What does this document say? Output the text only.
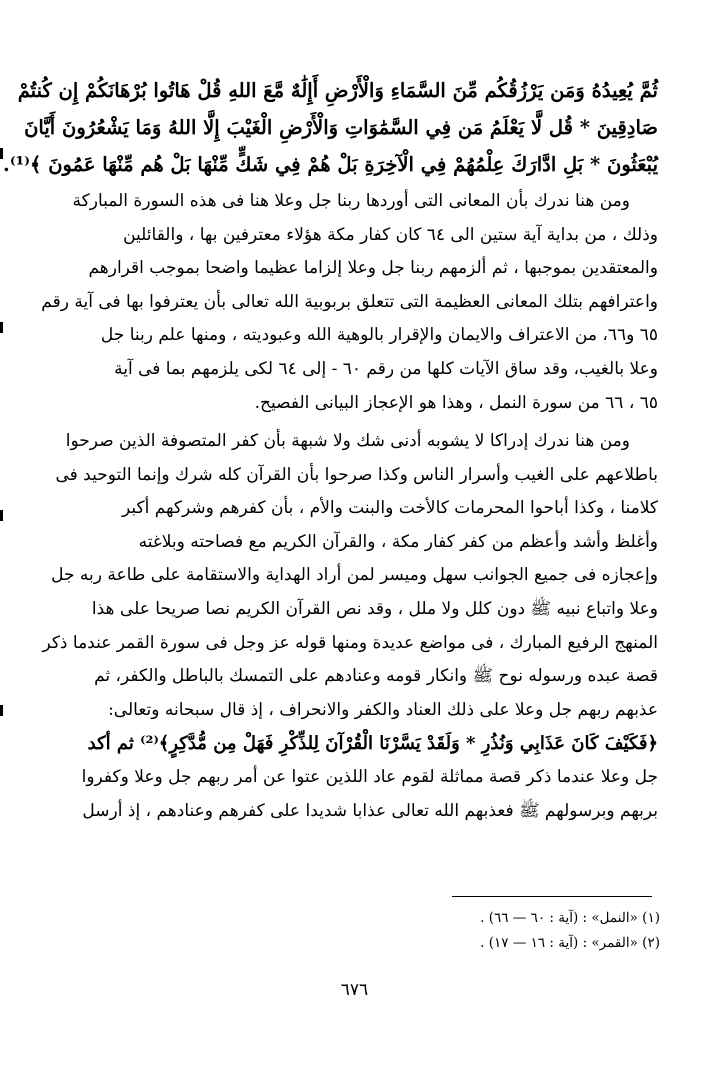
ثُمَّ يُعِيدُهُ وَمَن يَرْزُقُكُم مِّنَ السَّمَاءِ وَالْأَرْضِ أَإِلَٰهٌ مَّعَ اللهِ قُلْ هَاتُوا بُرْهَانَكُمْ إِن كُنتُمْ
صَادِقِينَ * قُل لَّا يَعْلَمُ مَن فِي السَّمَٰوَاتِ وَالْأَرْضِ الْغَيْبَ إِلَّا اللهُ وَمَا يَشْعُرُونَ أَيَّانَ
يُبْعَثُونَ * بَلِ ادَّارَكَ عِلْمُهُمْ فِي الْآخِرَةِ بَلْ هُمْ فِي شَكٍّ مِّنْهَا بَلْ هُم مِّنْهَا عَمُونَ ﴾⁽¹⁾.
ومن هنا ندرك بأن المعانى التى أوردها ربنا جل وعلا هنا فى هذه السورة المباركة
وذلك ، من بداية آية ستين الى ٦٤ كان كفار مكة هؤلاء معترفين بها ، والقائلين
والمعتقدين بموجبها ، ثم ألزمهم ربنا جل وعلا إلزاما عظيما واضحا بموجب اقرارهم
واعترافهم بتلك المعانى العظيمة التى تتعلق بربوبية الله تعالى بأن يعترفوا بها فى آية رقم
٦٥ و٦٦، من الاعتراف والايمان والإقرار بالوهية الله وعبوديته ، ومنها علم ربنا جل
وعلا بالغيب، وقد ساق الآيات كلها من رقم ٦٠ - إلى ٦٤ لكى يلزمهم بما فى آية
٦٥ ، ٦٦ من سورة النمل ، وهذا هو الإعجاز البيانى الفصيح.
ومن هنا ندرك إدراكا لا يشوبه أدنى شك ولا شبهة بأن كفر المتصوفة الذين صرحوا
باطلاعهم على الغيب وأسرار الناس وكذا صرحوا بأن القرآن كله شرك وإنما التوحيد فى
كلامنا ، وكذا أباحوا المحرمات كالأخت والبنت والأم ، بأن كفرهم وشركهم أكبر
وأغلظ وأشد وأعظم من كفر كفار مكة ، والقرآن الكريم مع فصاحته وبلاغته
وإعجازه فى جميع الجوانب سهل وميسر لمن أراد الهداية والاستقامة على طاعة ربه جل
وعلا واتباع نبيه ﷺ دون كلل ولا ملل ، وقد نص القرآن الكريم نصا صريحا على هذا
المنهج الرفيع المبارك ، فى مواضع عديدة ومنها قوله عز وجل فى سورة القمر عندما ذكر
قصة عبده ورسوله نوح ﷺ وانكار قومه وعنادهم على التمسك بالباطل والكفر، ثم
عذبهم ربهم جل وعلا على ذلك العناد والكفر والانحراف ، إذ قال سبحانه وتعالى:
﴿فَكَيْفَ كَانَ عَذَابِي وَنُذُرِ * وَلَقَدْ يَسَّرْنَا الْقُرْآنَ لِلذِّكْرِ فَهَلْ مِن مُّدَّكِرٍ﴾⁽²⁾ ثم أكد
جل وعلا عندما ذكر قصة مماثلة لقوم عاد اللذين عتوا عن أمر ربهم جل وعلا وكفروا
بربهم وبرسولهم ﷺ فعذبهم الله تعالى عذابا شديدا على كفرهم وعنادهم ، إذ أرسل
(١) «النمل» : (آية : ٦٠ — ٦٦) .
(٢) «القمر» : (آية : ١٦ — ١٧) .
٦٧٦
